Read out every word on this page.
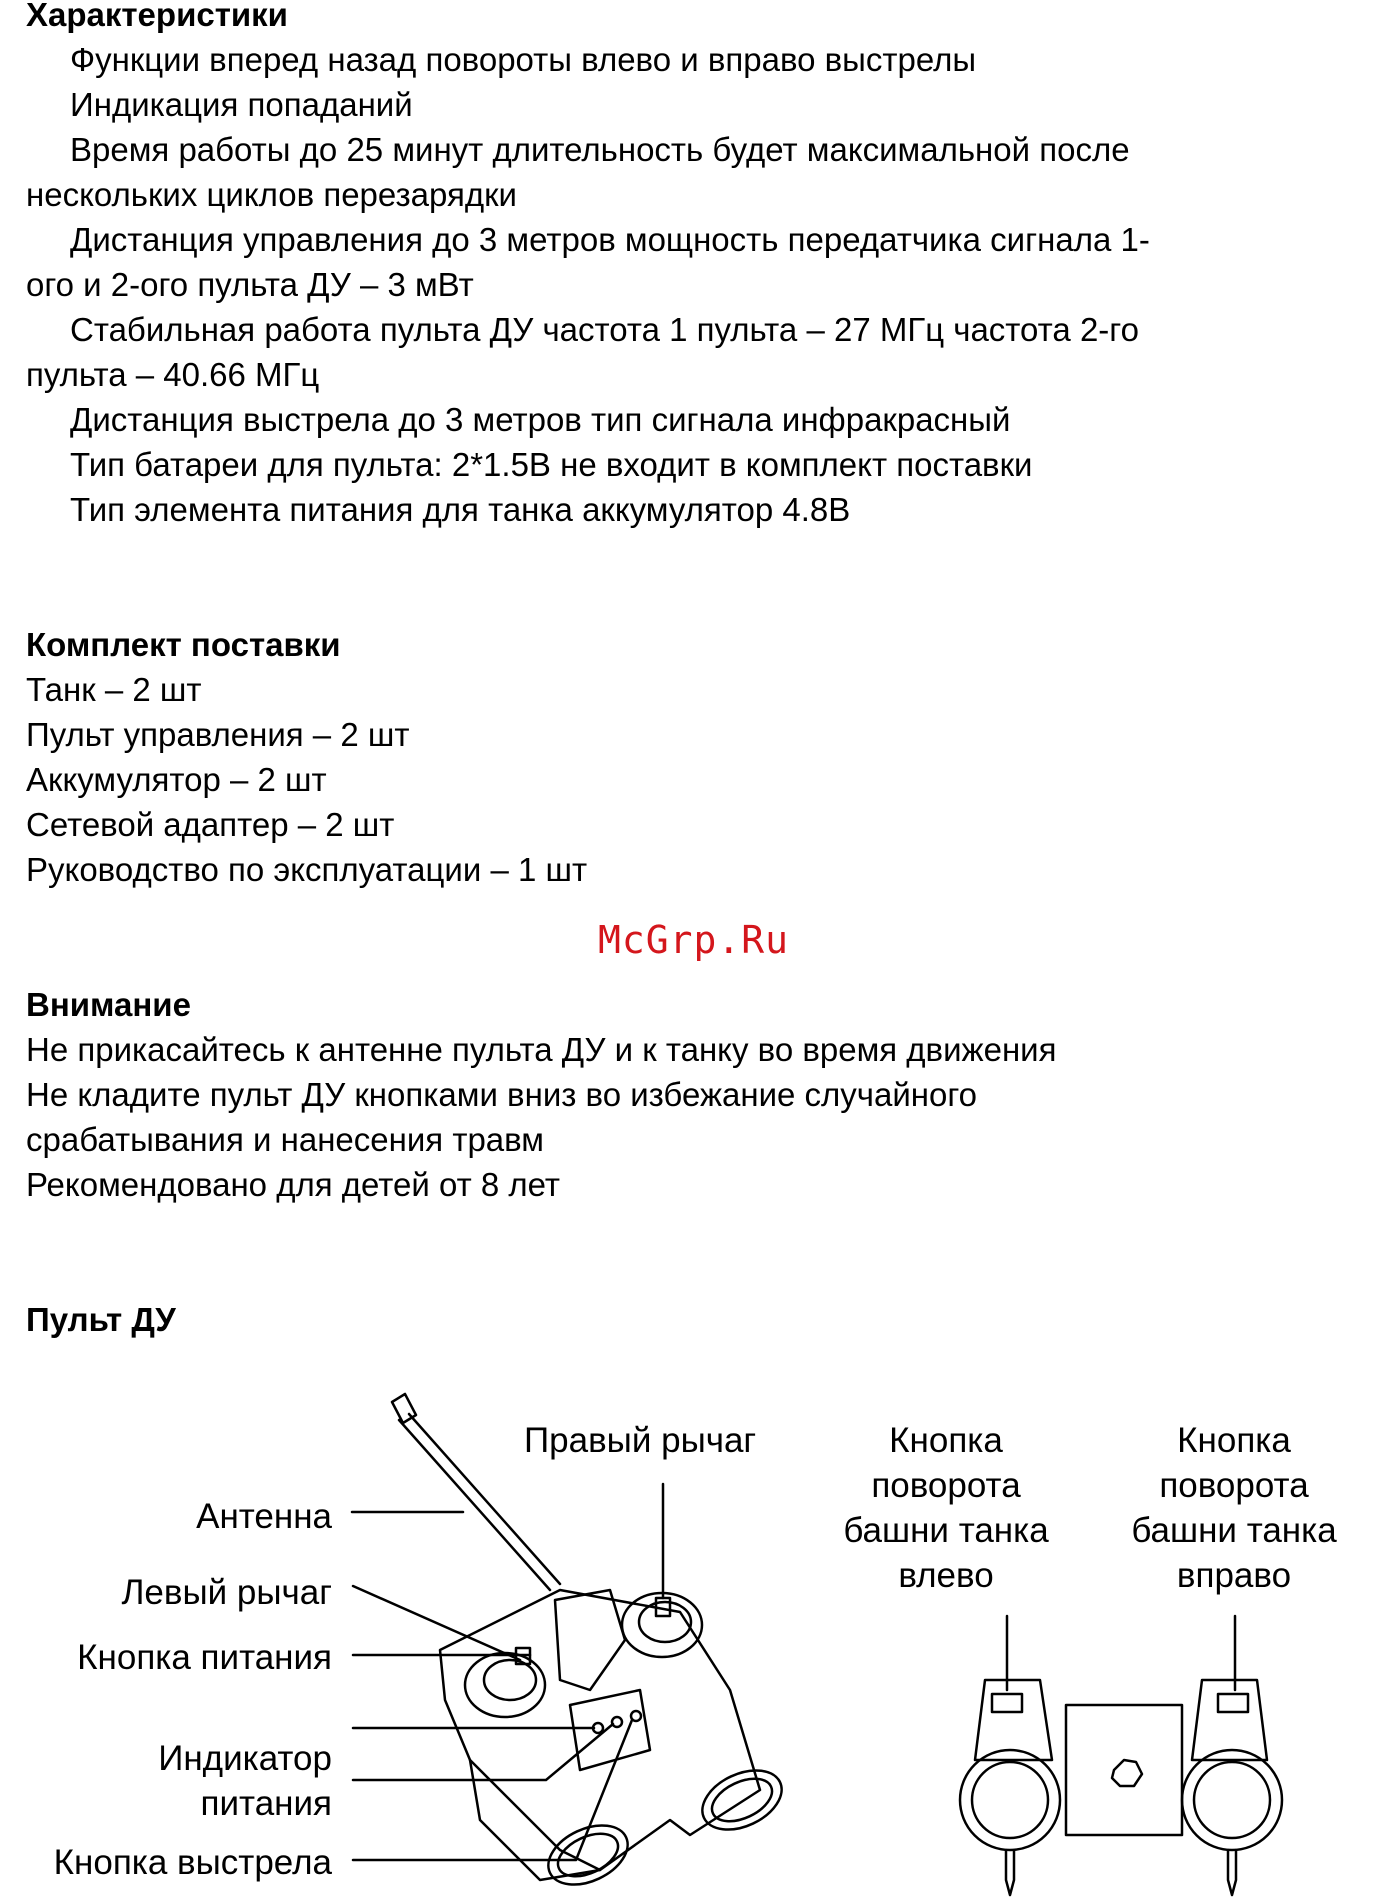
Характеристики
Функции вперед назад повороты влево и вправо выстрелы
Индикация попаданий
Время работы до 25 минут длительность будет максимальной после
нескольких циклов перезарядки
Дистанция управления до 3 метров мощность передатчика сигнала 1-
ого и 2-ого пульта ДУ – 3 мВт
Стабильная работа пульта ДУ частота 1 пульта – 27 МГц частота 2-го
пульта – 40.66 МГц
Дистанция выстрела до 3 метров тип сигнала инфракрасный
Тип батареи для пульта: 2*1.5В не входит в комплект поставки
Тип элемента питания для танка аккумулятор 4.8В
Комплект поставки
Танк – 2 шт
Пульт управления – 2 шт
Аккумулятор – 2 шт
Сетевой адаптер – 2 шт
Руководство по эксплуатации – 1 шт
McGrp.Ru
Внимание
Не прикасайтесь к антенне пульта ДУ и к танку во время движения
Не кладите пульт ДУ кнопками вниз во избежание случайного
срабатывания и нанесения травм
Рекомендовано для детей от 8 лет
Пульт ДУ
Правый рычаг
Антенна
Левый рычаг
Кнопка питания
Индикатор
питания
Кнопка выстрела
Кнопка
поворота
башни танка
влево
Кнопка
поворота
башни танка
вправо
